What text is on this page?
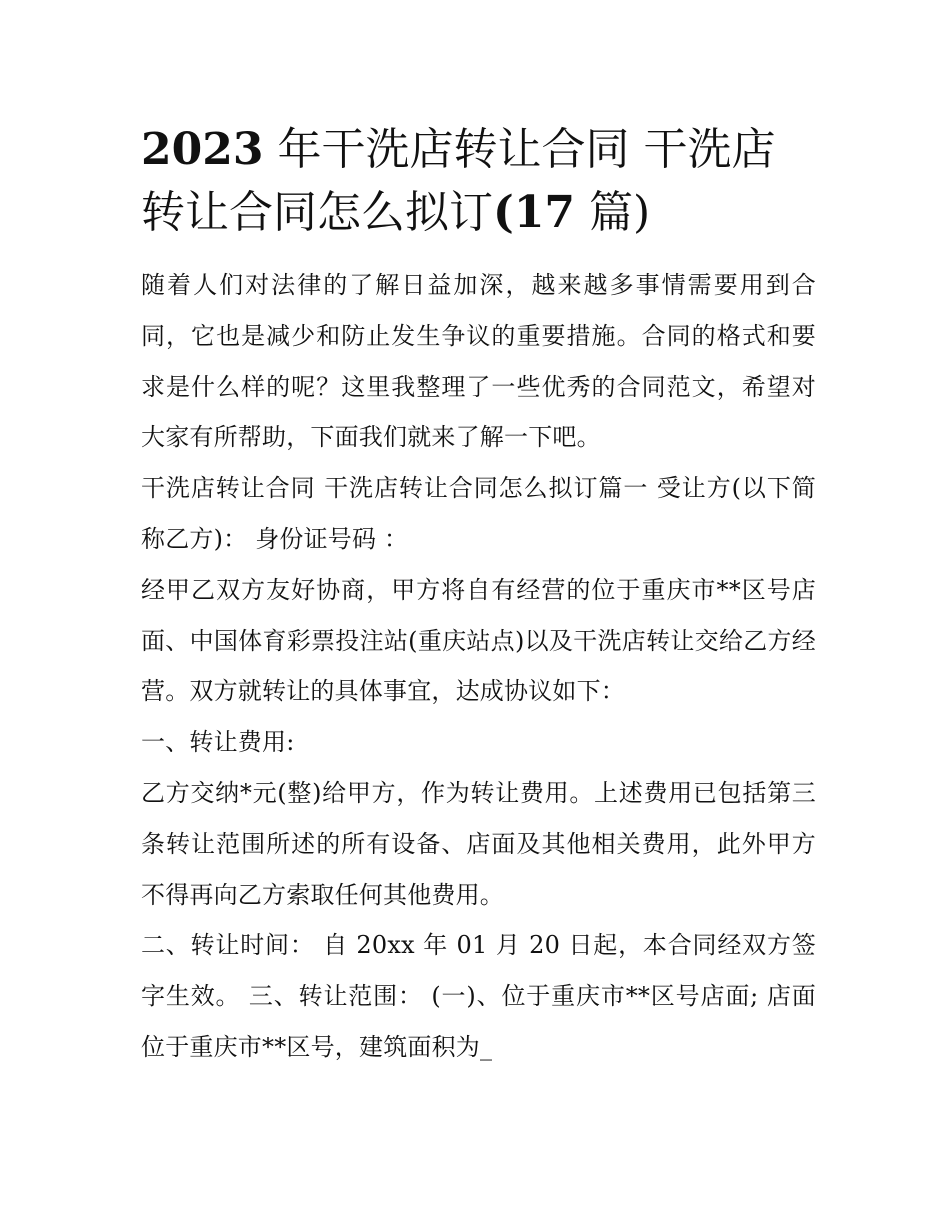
2023 年干洗店转让合同 干洗店转让合同怎么拟订(17 篇)

随着人们对法律的了解日益加深，越来越多事情需要用到合同，它也是减少和防止发生争议的重要措施。合同的格式和要求是什么样的呢？这里我整理了一些优秀的合同范文，希望对大家有所帮助，下面我们就来了解一下吧。

干洗店转让合同 干洗店转让合同怎么拟订篇一 受让方(以下简称乙方)： 身份证号码 ：

经甲乙双方友好协商，甲方将自有经营的位于重庆市**区号店面、中国体育彩票投注站(重庆站点)以及干洗店转让交给乙方经营。双方就转让的具体事宜，达成协议如下：

一、转让费用:

乙方交纳*元(整)给甲方，作为转让费用。上述费用已包括第三条转让范围所述的所有设备、店面及其他相关费用，此外甲方不得再向乙方索取任何其他费用。

二、转让时间： 自 20xx 年 01 月 20 日起，本合同经双方签字生效。 三、转让范围： (一)、位于重庆市**区号店面; 店面位于重庆市**区号，建筑面积为_
